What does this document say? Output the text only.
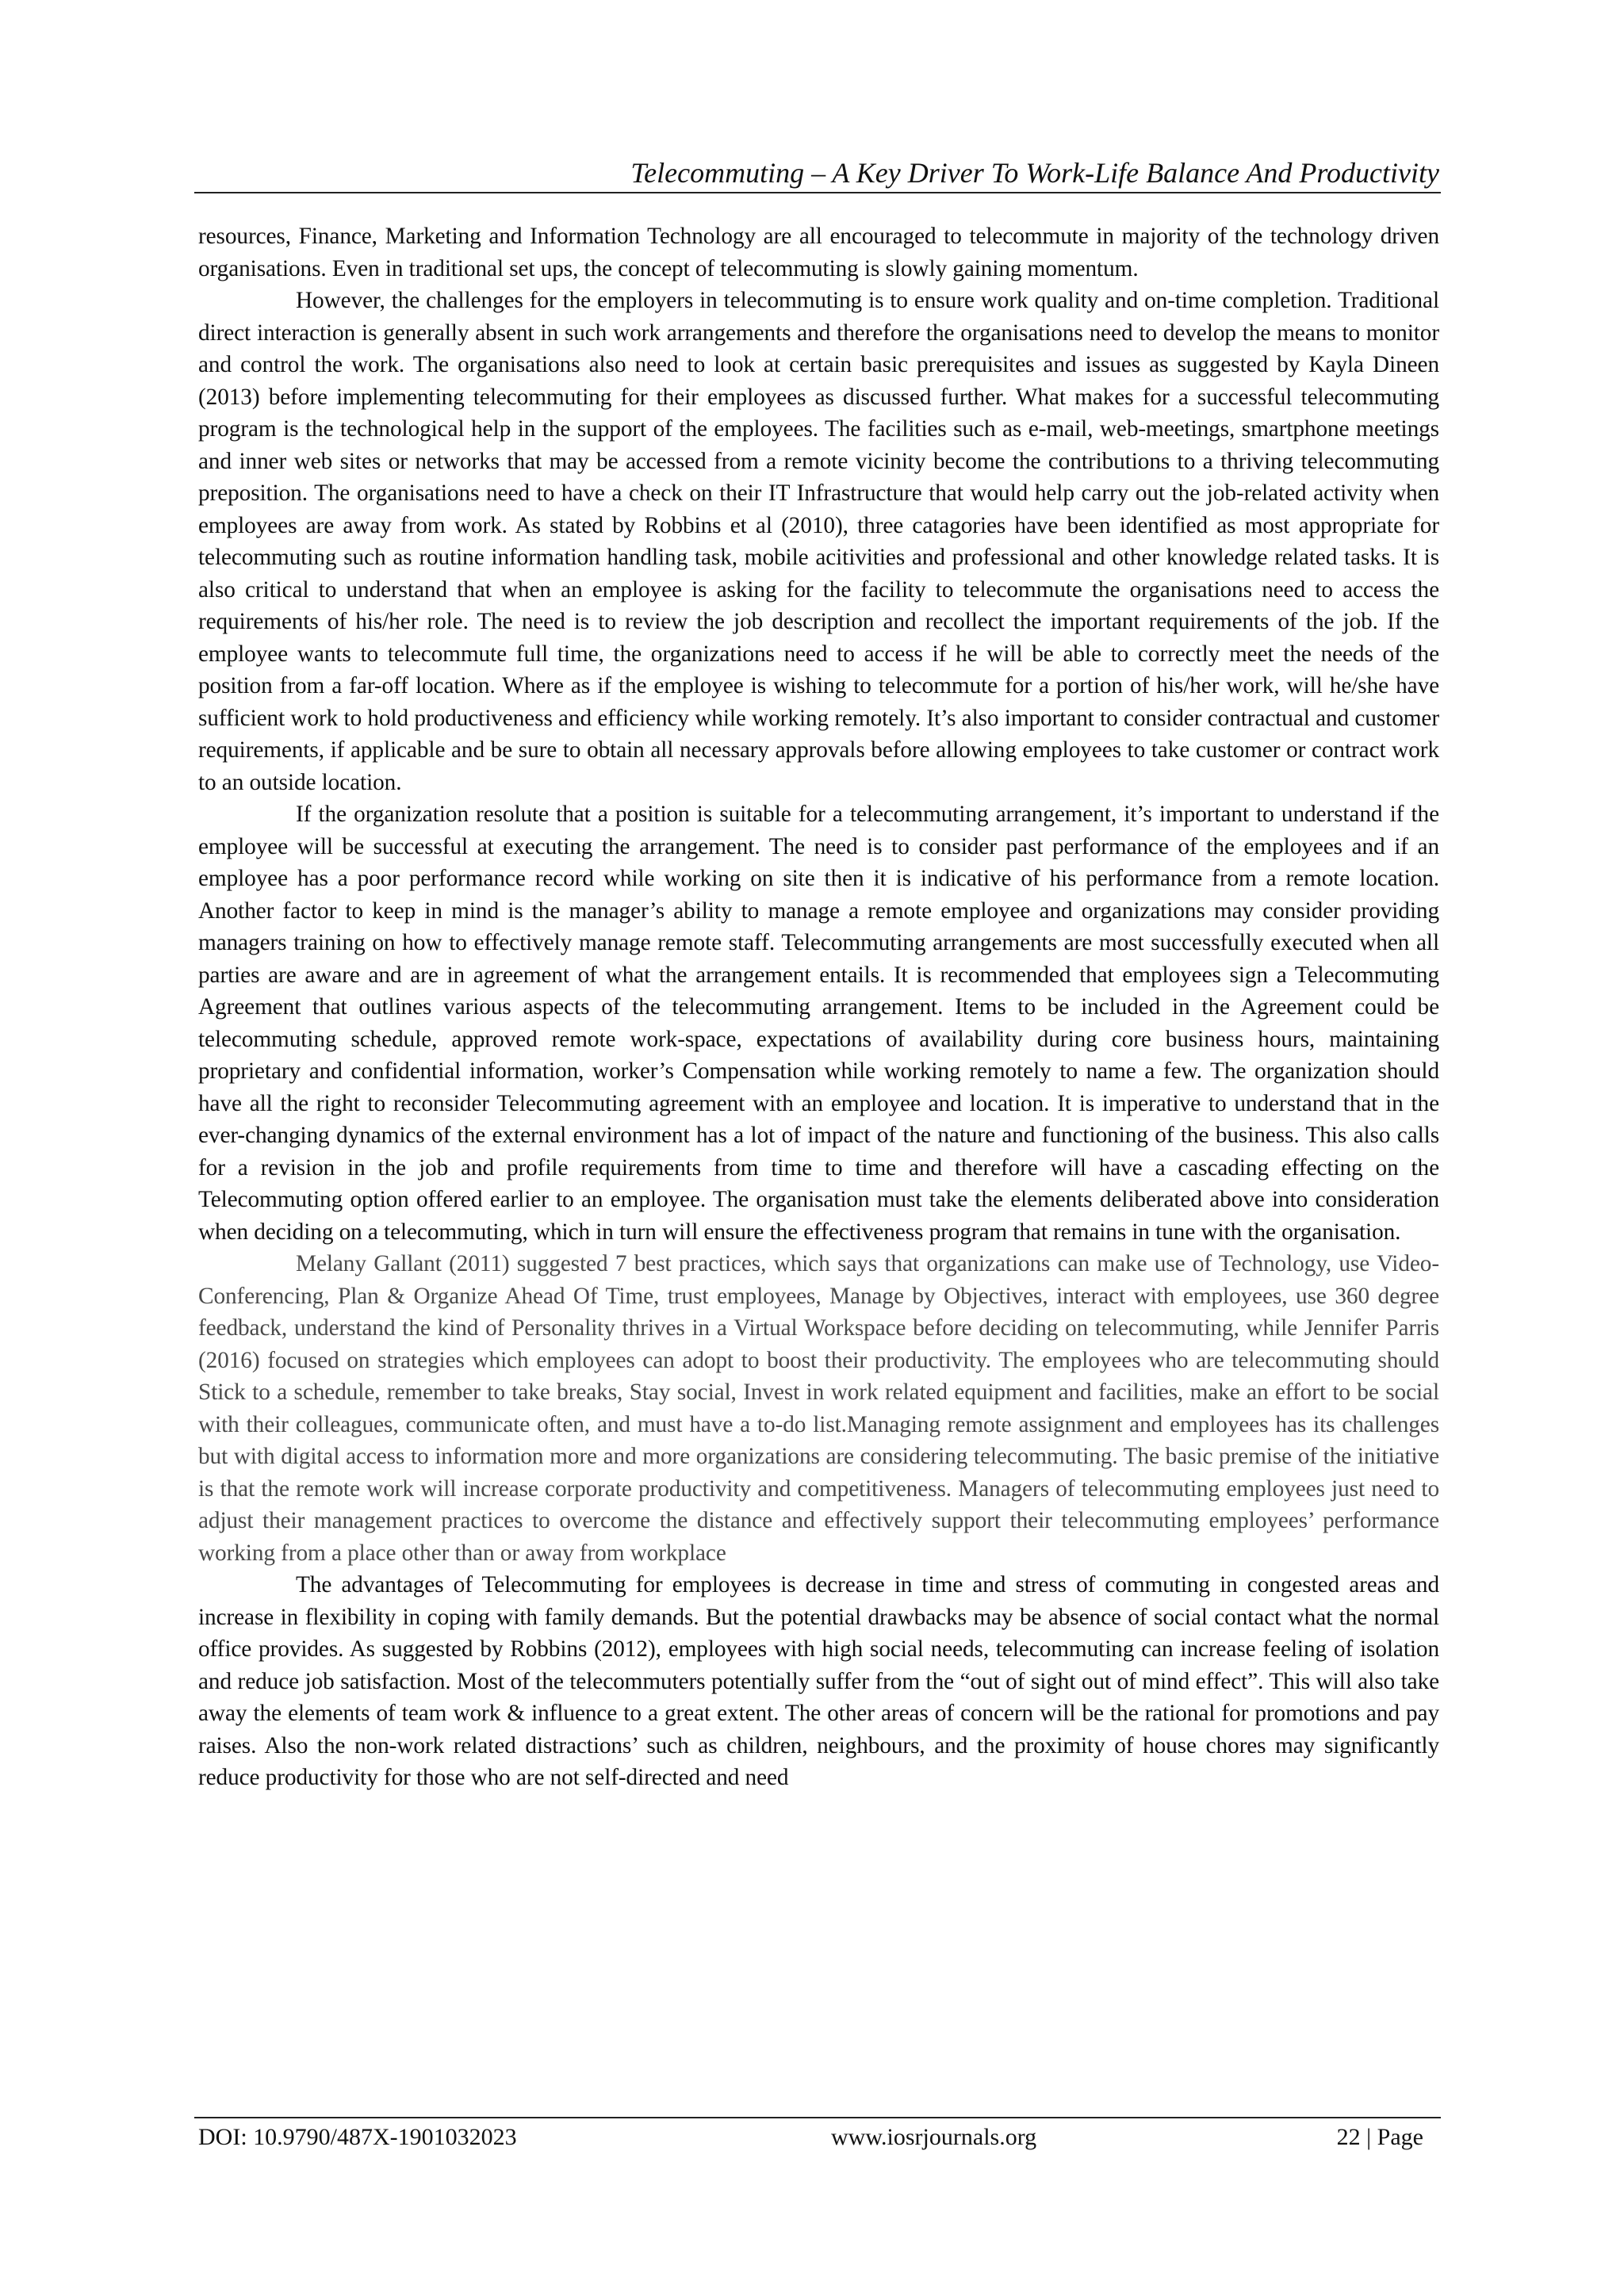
Telecommuting – A Key Driver To Work-Life Balance And Productivity

resources, Finance, Marketing and Information Technology are all encouraged to telecommute in majority of the technology driven organisations. Even in traditional set ups, the concept of telecommuting is slowly gaining momentum.

However, the challenges for the employers in telecommuting is to ensure work quality and on-time completion. Traditional direct interaction is generally absent in such work arrangements and therefore the organisations need to develop the means to monitor and control the work. The organisations also need to look at certain basic prerequisites and issues as suggested by Kayla Dineen (2013) before implementing telecommuting for their employees as discussed further. What makes for a successful telecommuting program is the technological help in the support of the employees. The facilities such as e-mail, web-meetings, smartphone meetings and inner web sites or networks that may be accessed from a remote vicinity become the contributions to a thriving telecommuting preposition. The organisations need to have a check on their IT Infrastructure that would help carry out the job-related activity when employees are away from work. As stated by Robbins et al (2010), three catagories have been identified as most appropriate for telecommuting such as routine information handling task, mobile acitivities and professional and other knowledge related tasks. It is also critical to understand that when an employee is asking for the facility to telecommute the organisations need to access the requirements of his/her role. The need is to review the job description and recollect the important requirements of the job. If the employee wants to telecommute full time, the organizations need to access if he will be able to correctly meet the needs of the position from a far-off location. Where as if the employee is wishing to telecommute for a portion of his/her work, will he/she have sufficient work to hold productiveness and efficiency while working remotely. It’s also important to consider contractual and customer requirements, if applicable and be sure to obtain all necessary approvals before allowing employees to take customer or contract work to an outside location.

If the organization resolute that a position is suitable for a telecommuting arrangement, it’s important to understand if the employee will be successful at executing the arrangement. The need is to consider past performance of the employees and if an employee has a poor performance record while working on site then it is indicative of his performance from a remote location. Another factor to keep in mind is the manager’s ability to manage a remote employee and organizations may consider providing managers training on how to effectively manage remote staff. Telecommuting arrangements are most successfully executed when all parties are aware and are in agreement of what the arrangement entails. It is recommended that employees sign a Telecommuting Agreement that outlines various aspects of the telecommuting arrangement. Items to be included in the Agreement could be telecommuting schedule, approved remote work-space, expectations of availability during core business hours, maintaining proprietary and confidential information, worker’s Compensation while working remotely to name a few. The organization should have all the right to reconsider Telecommuting agreement with an employee and location. It is imperative to understand that in the ever-changing dynamics of the external environment has a lot of impact of the nature and functioning of the business. This also calls for a revision in the job and profile requirements from time to time and therefore will have a cascading effecting on the Telecommuting option offered earlier to an employee. The organisation must take the elements deliberated above into consideration when deciding on a telecommuting, which in turn will ensure the effectiveness program that remains in tune with the organisation.

Melany Gallant (2011) suggested 7 best practices, which says that organizations can make use of Technology, use Video-Conferencing, Plan & Organize Ahead Of Time, trust employees, Manage by Objectives, interact with employees, use 360 degree feedback, understand the kind of Personality thrives in a Virtual Workspace before deciding on telecommuting, while Jennifer Parris (2016) focused on strategies which employees can adopt to boost their productivity. The employees who are telecommuting should Stick to a schedule, remember to take breaks, Stay social, Invest in work related equipment and facilities, make an effort to be social with their colleagues, communicate often, and must have a to-do list.Managing remote assignment and employees has its challenges but with digital access to information more and more organizations are considering telecommuting. The basic premise of the initiative is that the remote work will increase corporate productivity and competitiveness. Managers of telecommuting employees just need to adjust their management practices to overcome the distance and effectively support their telecommuting employees’ performance working from a place other than or away from workplace

The advantages of Telecommuting for employees is decrease in time and stress of commuting in congested areas and increase in flexibility in coping with family demands. But the potential drawbacks may be absence of social contact what the normal office provides. As suggested by Robbins (2012), employees with high social needs, telecommuting can increase feeling of isolation and reduce job satisfaction. Most of the telecommuters potentially suffer from the “out of sight out of mind effect”. This will also take away the elements of team work & influence to a great extent. The other areas of concern will be the rational for promotions and pay raises. Also the non-work related distractions’ such as children, neighbours, and the proximity of house chores may significantly reduce productivity for those who are not self-directed and need

DOI: 10.9790/487X-1901032023	www.iosrjournals.org	22 | Page
